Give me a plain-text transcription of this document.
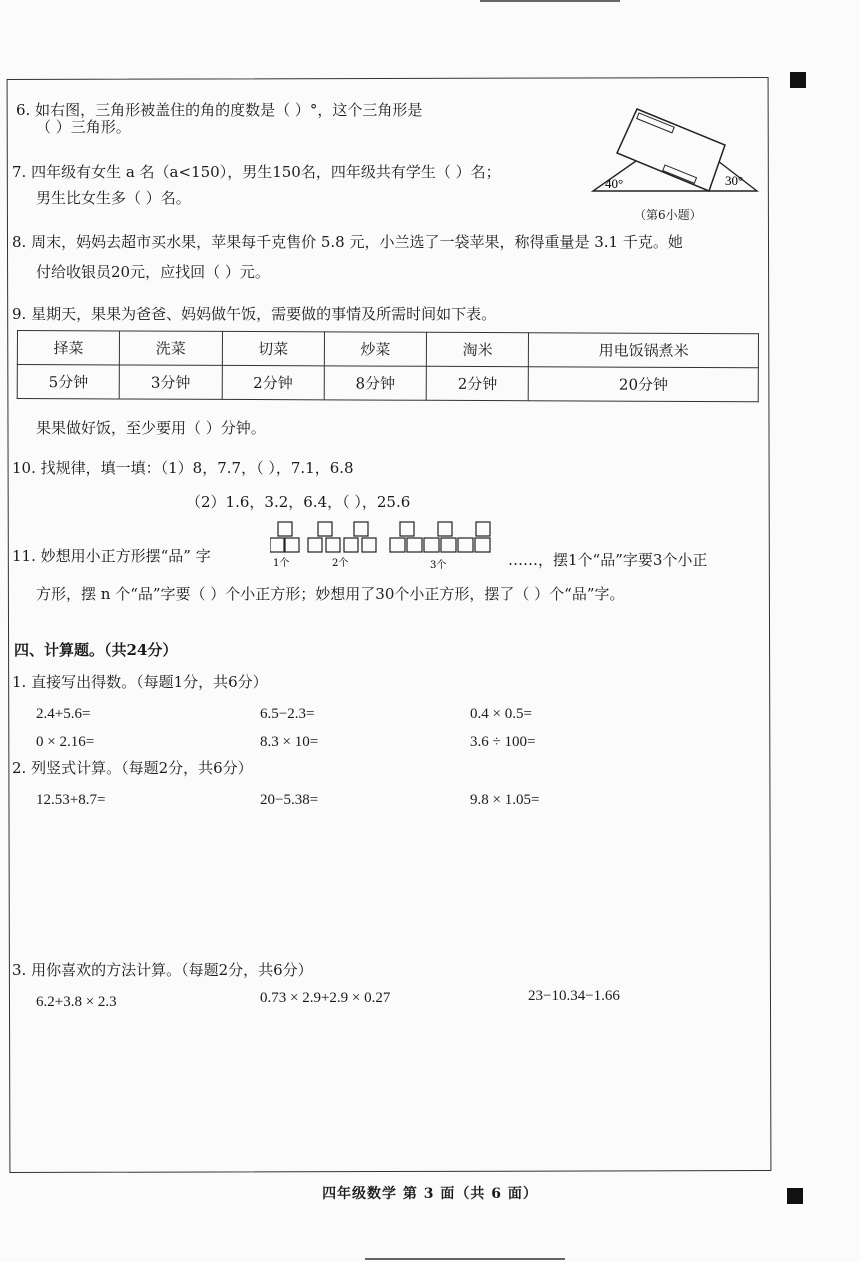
6. 如右图，三角形被盖住的角的度数是（ ）°，这个三角形是
（ ）三角形。
40°	30°
（第6小题）
7. 四年级有女生 a 名（a<150），男生150名，四年级共有学生（ ）名；
男生比女生多（ ）名。
8. 周末，妈妈去超市买水果，苹果每千克售价 5.8 元，小兰选了一袋苹果，称得重量是 3.1 千克。她
付给收银员20元，应找回（ ）元。
9. 星期天，果果为爸爸、妈妈做午饭，需要做的事情及所需时间如下表。
择菜	洗菜	切菜	炒菜	淘米	用电饭锅煮米
5分钟	3分钟	2分钟	8分钟	2分钟	20分钟
果果做好饭，至少要用（ ）分钟。
10. 找规律，填一填：（1）8，7.7，（ ），7.1，6.8
（2）1.6，3.2，6.4，（ ），25.6
11. 妙想用小正方形摆“品” 字	1个	2个	3个	……，摆1个“品”字要3个小正
方形，摆 n 个“品”字要（ ）个小正方形；妙想用了30个小正方形，摆了（ ）个“品”字。
四、计算题。（共24分）
1. 直接写出得数。（每题1分，共6分）
2.4+5.6=	6.5−2.3=	0.4 × 0.5=
0 × 2.16=	8.3 × 10=	3.6 ÷ 100=
2. 列竖式计算。（每题2分，共6分）
12.53+8.7=	20−5.38=	9.8 × 1.05=
3. 用你喜欢的方法计算。（每题2分，共6分）
6.2+3.8 × 2.3	0.73 × 2.9+2.9 × 0.27	23−10.34−1.66
四年级数学 第 3 面（共 6 面）
